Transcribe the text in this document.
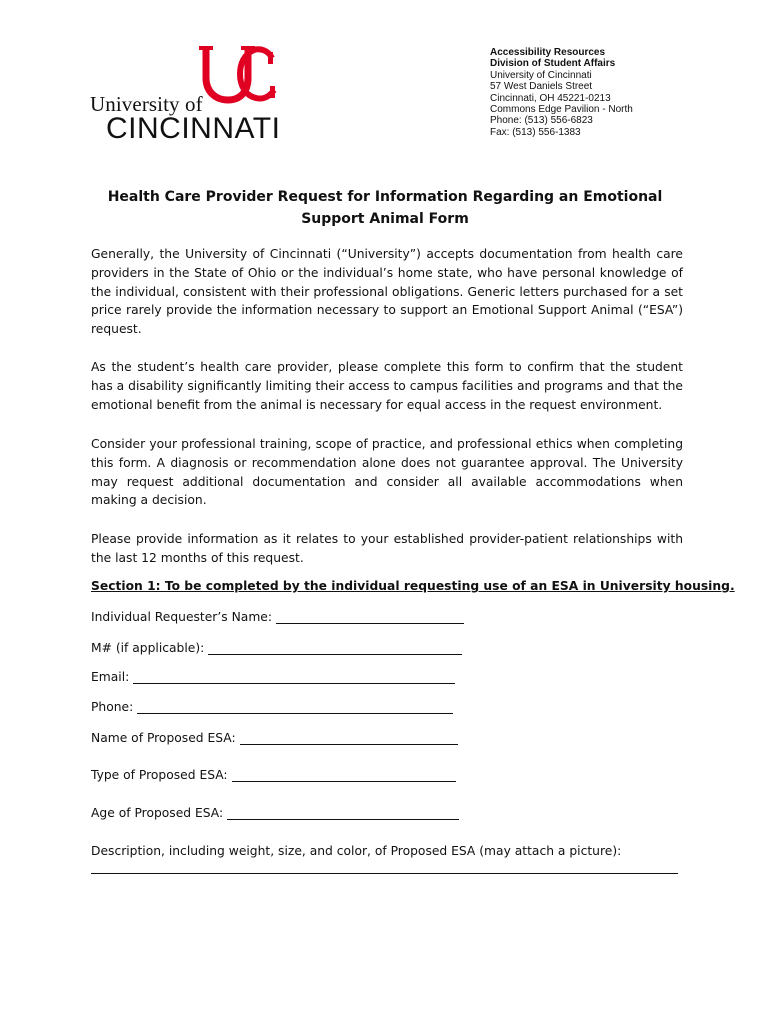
University of
CINCINNATI
Accessibility Resources
Division of Student Affairs
University of Cincinnati
57 West Daniels Street
Cincinnati, OH 45221-0213
Commons Edge Pavilion - North
Phone: (513) 556-6823
Fax: (513) 556-1383
Health Care Provider Request for Information Regarding an Emotional Support Animal Form

Generally, the University of Cincinnati (“University”) accepts documentation from health care providers in the State of Ohio or the individual’s home state, who have personal knowledge of the individual, consistent with their professional obligations. Generic letters purchased for a set price rarely provide the information necessary to support an Emotional Support Animal (“ESA”) request.

As the student’s health care provider, please complete this form to confirm that the student has a disability significantly limiting their access to campus facilities and programs and that the emotional benefit from the animal is necessary for equal access in the request environment.

Consider your professional training, scope of practice, and professional ethics when completing this form. A diagnosis or recommendation alone does not guarantee approval. The University may request additional documentation and consider all available accommodations when making a decision.

Please provide information as it relates to your established provider-patient relationships with the last 12 months of this request.

Section 1: To be completed by the individual requesting use of an ESA in University housing.
Individual Requester’s Name:
M# (if applicable):
Email:
Phone:
Name of Proposed ESA:
Type of Proposed ESA:
Age of Proposed ESA:
Description, including weight, size, and color, of Proposed ESA (may attach a picture):
